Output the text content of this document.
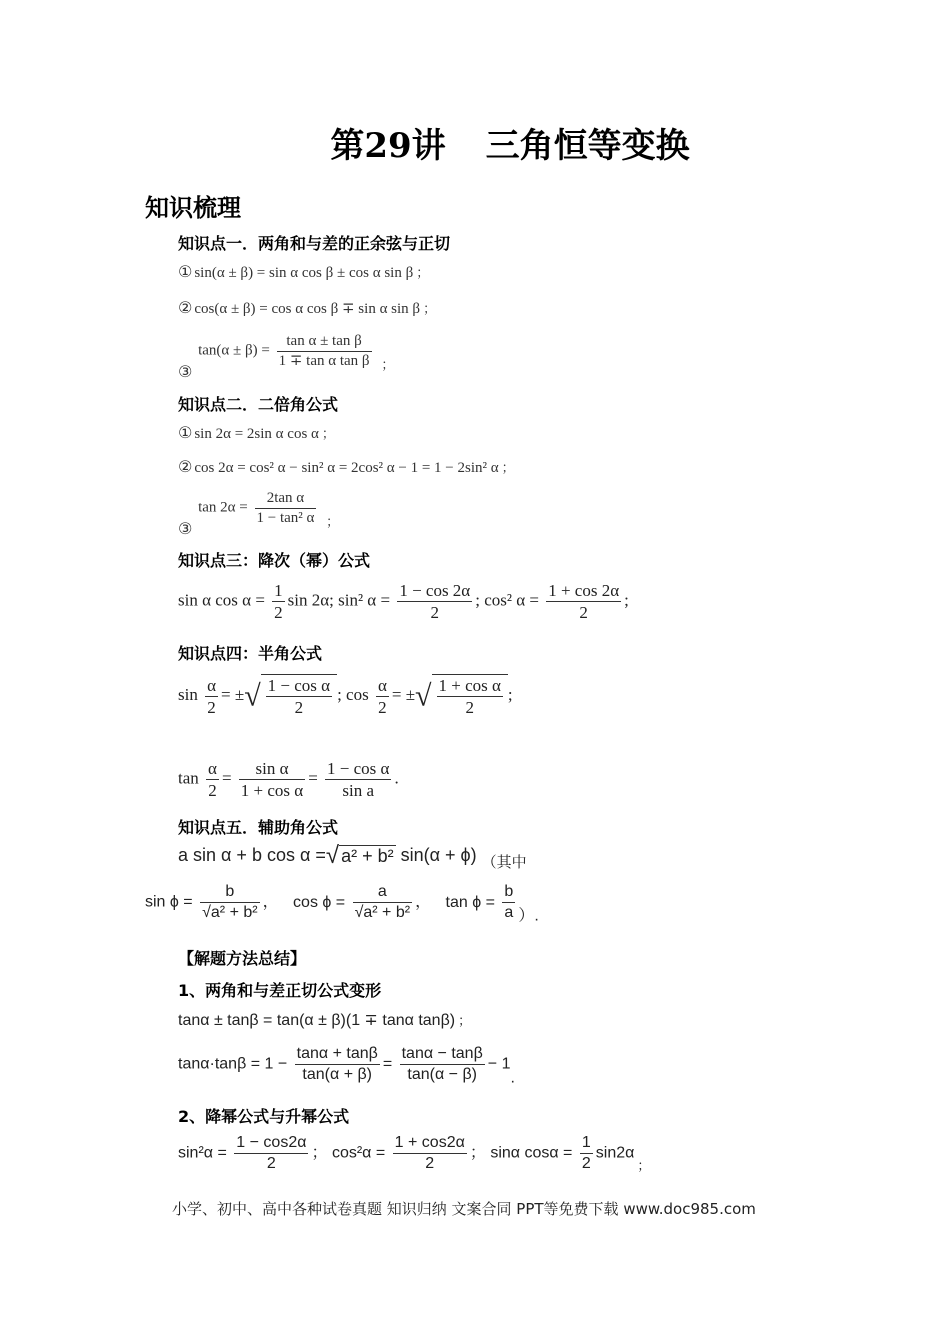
第29讲 三角恒等变换
知识梳理
知识点一．两角和与差的正余弦与正切
① sin(α ± β) = sin α cos β ± cos α sin β ；
② cos(α ± β) = cos α cos β ∓ sin α sin β ；
③ $\tan(\alpha \pm \beta) = \frac{\text{tan α ± tan β}}{\text{1 ∓ tan α tan β}}$ ；
知识点二．二倍角公式
① sin 2α = 2sin α cos α ；
② cos 2α = cos² α − sin² α = 2cos² α − 1 = 1 − 2sin² α ；
③ $\tan 2\alpha = \frac{\text{2tan α}}{\text{1 − tan² α}}$ ；
知识点三：降次（幂）公式
sin α $\cos \alpha = \frac{1}{2}$ sin 2α; sin² $\alpha = \frac{1 - \cos 2\alpha}{2}$ ; cos² $\alpha = \frac{1 + \cos 2\alpha}{2}$ ;
知识点四：半角公式
$\sin \frac{\alpha}{2}$ = ±√ $\frac{\text{1 − cos α}}{2}$ ; $\cos \frac{\alpha}{2}$ = ±√ $\frac{\text{1 + cos α}}{2}$ ;
$\tan \frac{\alpha}{2} = \frac{\text{sin α}}{\text{1 + cos α}} = \frac{\text{1 − cos α}}{\text{sin a}}$ .
知识点五．辅助角公式
a sin α + b cos α =√ a² + b² sin(α + ϕ) $_{(其中}$
$\sin \phi = \frac{b}{\text{√a² + b²}}$ ， $\cos \phi = \frac{a}{\text{√a² + b²}}$ ， $\tan \phi = \frac{b}{a}$ ）.
【解题方法总结】
1、两角和与差正切公式变形
tanα ± tanβ = tan(α ± β)(1 ∓ tanα tanβ) ；
$\tan\alpha\cdot\tan\beta = 1 - \frac{\tan\alpha + \tan\beta}{\tan(\alpha + \beta)} = \frac{\tan\alpha - \tan\beta}{\tan(\alpha - \beta)} - 1$.
2、降幂公式与升幂公式
$\sin^2\alpha = \frac{1 - \cos 2\alpha}{2}$ ； $\cos^2\alpha = \frac{1 + \cos 2\alpha}{2}$ ； sinα $\cos\alpha = \frac{1}{2} \sin 2\alpha_;$
小学、初中、高中各种试卷真题 知识归纳 文案合同 PPT等免费下载 www.doc985.com
